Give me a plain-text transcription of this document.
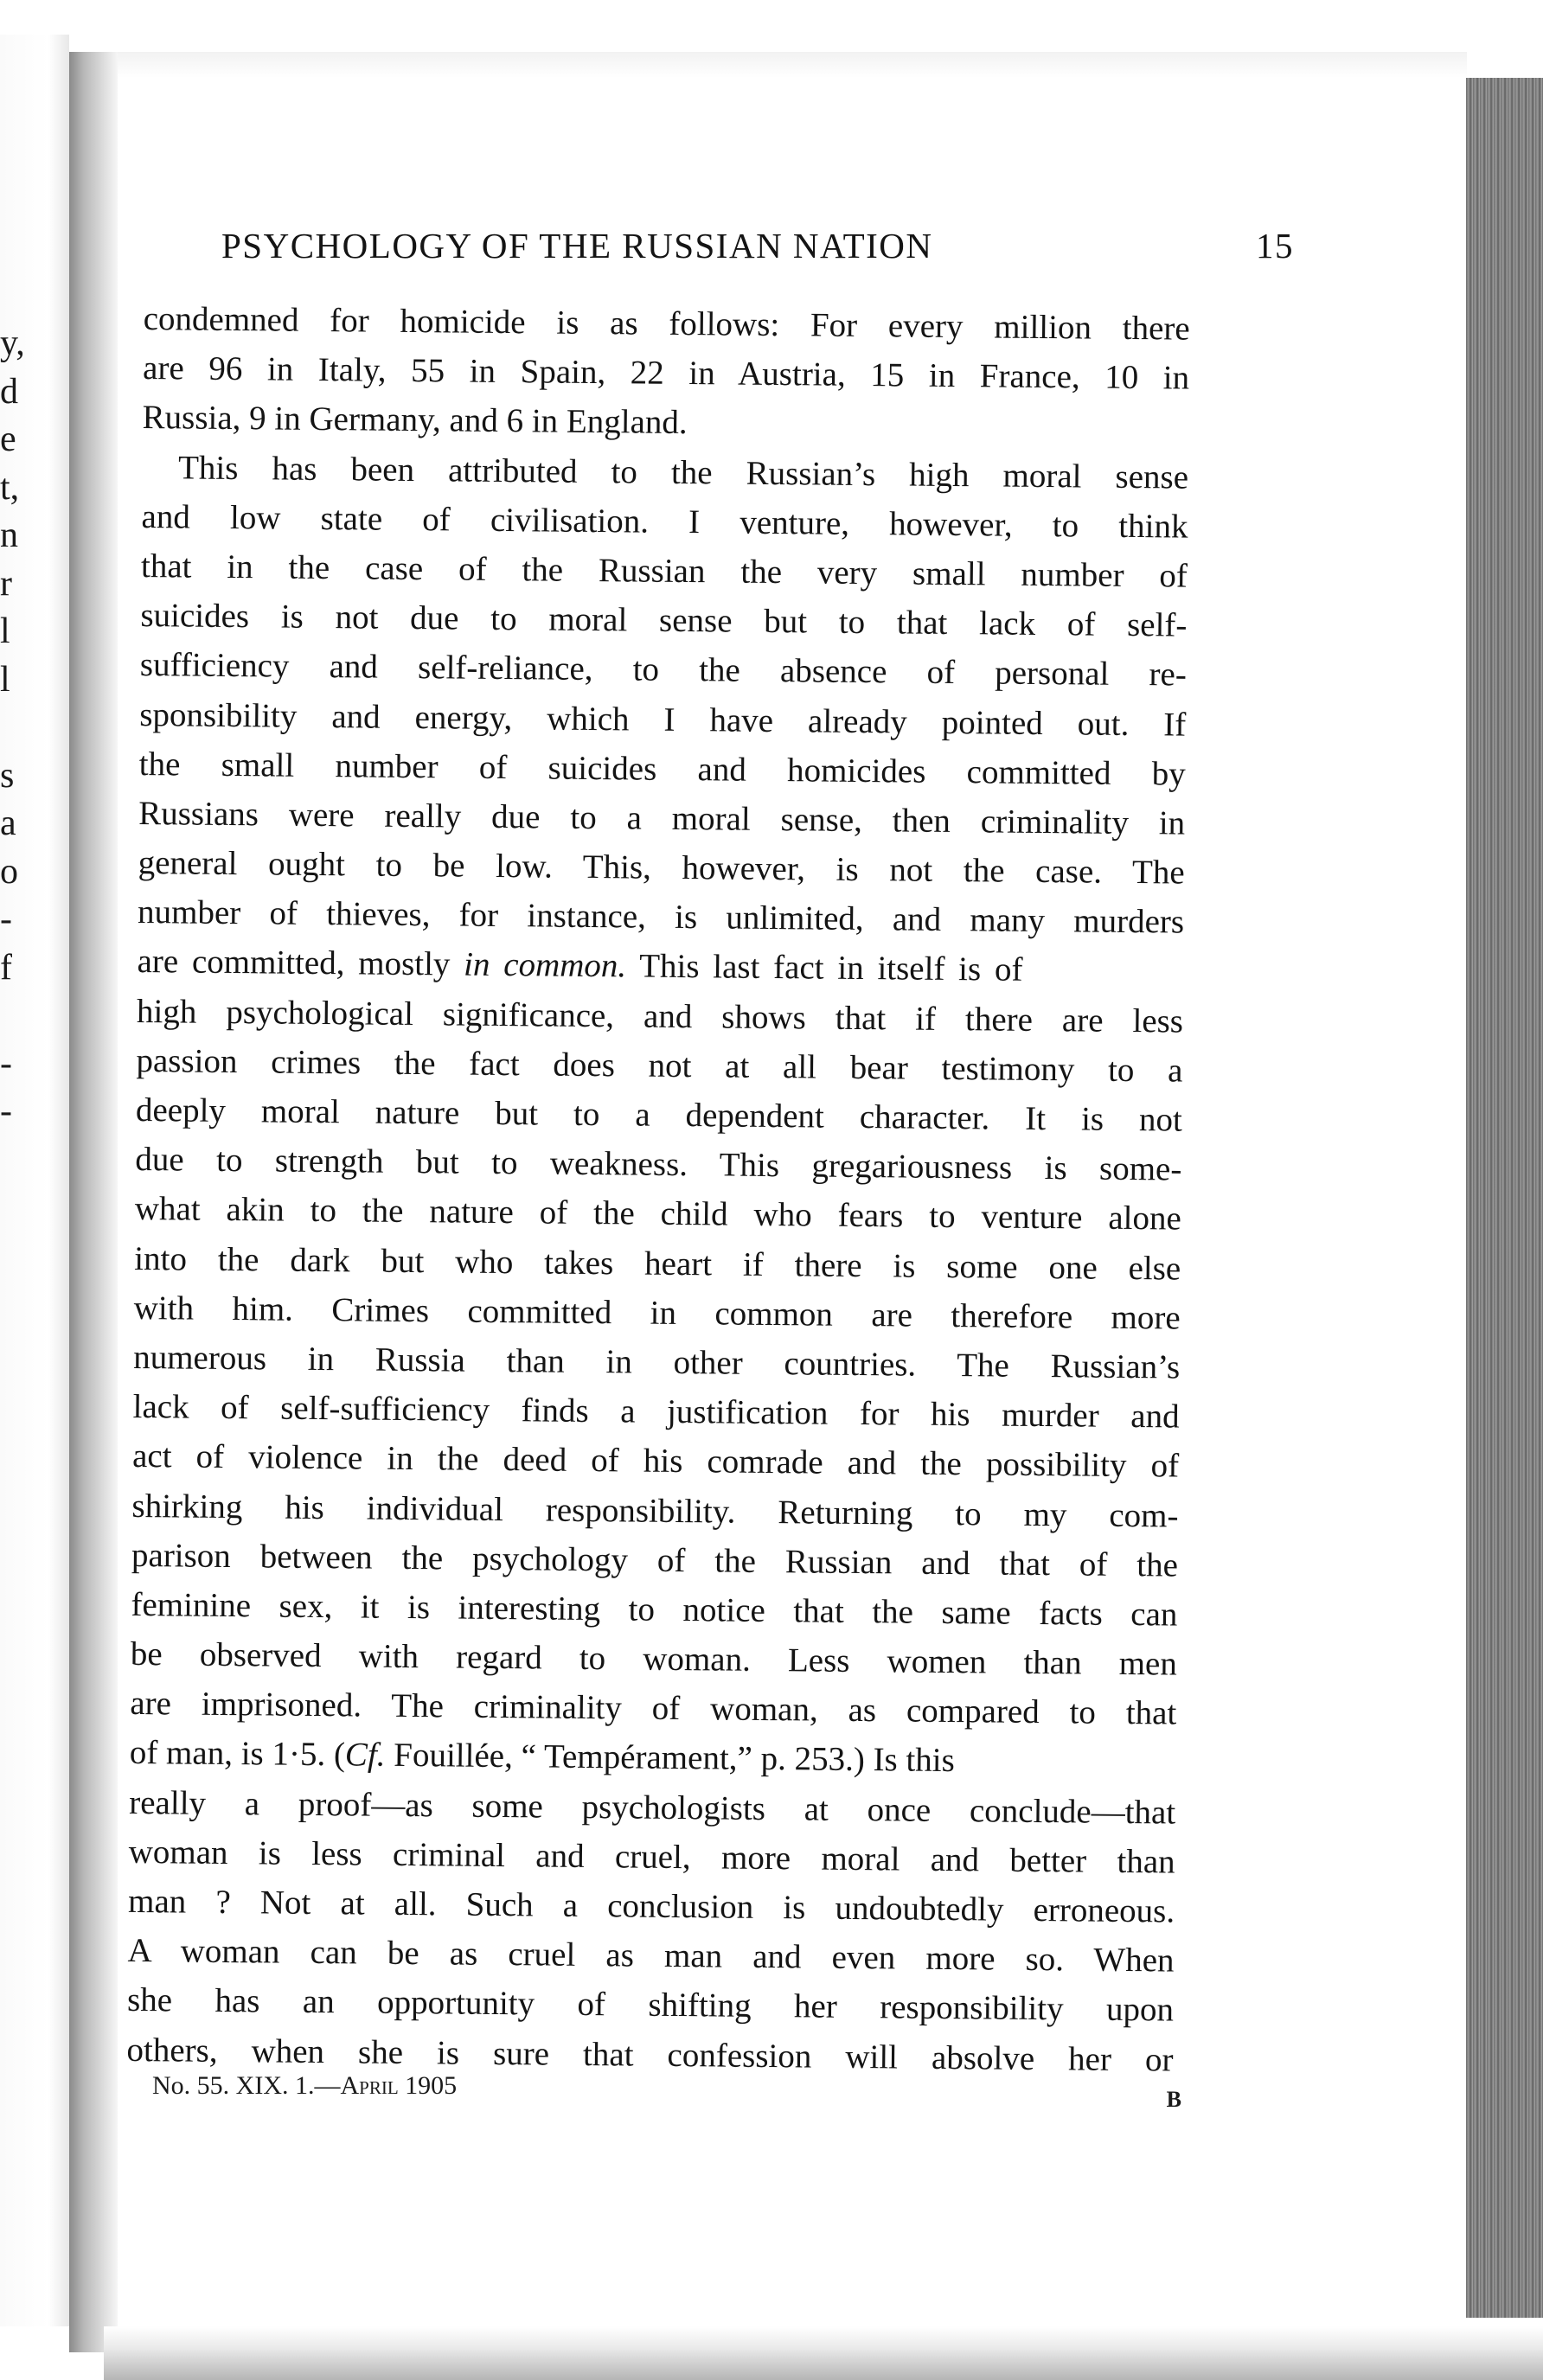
y,
d
e
t,
n
r
l
l
s
a
o
-
f
-
-
PSYCHOLOGY OF THE RUSSIAN NATION	15
condemned for homicide is as follows: For every million there
are 96 in Italy, 55 in Spain, 22 in Austria, 15 in France, 10 in
Russia, 9 in Germany, and 6 in England.
This has been attributed to the Russian’s high moral sense
and low state of civilisation. I venture, however, to think
that in the case of the Russian the very small number of
suicides is not due to moral sense but to that lack of self-
sufficiency and self-reliance, to the absence of personal re-
sponsibility and energy, which I have already pointed out. If
the small number of suicides and homicides committed by
Russians were really due to a moral sense, then criminality in
general ought to be low. This, however, is not the case. The
number of thieves, for instance, is unlimited, and many murders
are committed, mostly in common. This last fact in itself is of
high psychological significance, and shows that if there are less
passion crimes the fact does not at all bear testimony to a
deeply moral nature but to a dependent character. It is not
due to strength but to weakness. This gregariousness is some-
what akin to the nature of the child who fears to venture alone
into the dark but who takes heart if there is some one else
with him. Crimes committed in common are therefore more
numerous in Russia than in other countries. The Russian’s
lack of self-sufficiency finds a justification for his murder and
act of violence in the deed of his comrade and the possibility of
shirking his individual responsibility. Returning to my com-
parison between the psychology of the Russian and that of the
feminine sex, it is interesting to notice that the same facts can
be observed with regard to woman. Less women than men
are imprisoned. The criminality of woman, as compared to that
of man, is 1·5. (Cf. Fouillée, “ Tempérament,” p. 253.) Is this
really a proof—as some psychologists at once conclude—that
woman is less criminal and cruel, more moral and better than
man ? Not at all. Such a conclusion is undoubtedly erroneous.
A woman can be as cruel as man and even more so. When
she has an opportunity of shifting her responsibility upon
others, when she is sure that confession will absolve her or
No. 55. XIX. 1.—April 1905	B
